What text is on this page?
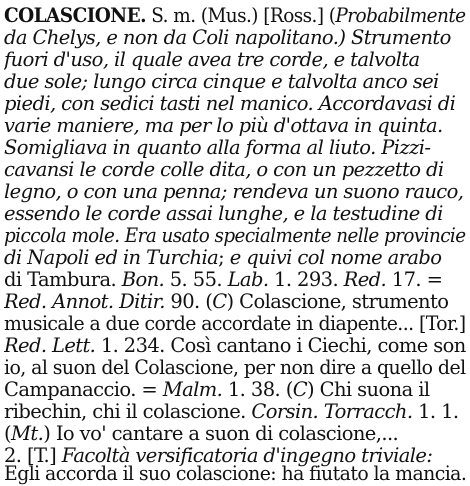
COLASCIONE. S. m. (Mus.) [Ross.] (Probabilmente
da Chelys, e non da Coli napolitano.) Strumento
fuori d'uso, il quale avea tre corde, e talvolta
due sole; lungo circa cinque e talvolta anco sei
piedi, con sedici tasti nel manico. Accordavasi di
varie maniere, ma per lo più d'ottava in quinta.
Somigliava in quanto alla forma al liuto. Pizzi-
cavansi le corde colle dita, o con un pezzetto di
legno, o con una penna; rendeva un suono rauco,
essendo le corde assai lunghe, e la testudine di
piccola mole. Era usato specialmente nelle provincie
di Napoli ed in Turchia; e quivi col nome arabo
di Tambura. Bon. 5. 55. Lab. 1. 293. Red. 17. =
Red. Annot. Ditir. 90. (C) Colascione, strumento
musicale a due corde accordate in diapente... [Tor.]
Red. Lett. 1. 234. Così cantano i Ciechi, come son
io, al suon del Colascione, per non dire a quello del
Campanaccio. = Malm. 1. 38. (C) Chi suona il
ribechin, chi il colascione. Corsin. Torracch. 1. 1.
(Mt.) Io vo' cantare a suon di colascione,...
2. [T.] Facoltà versificatoria d'ingegno triviale:
Egli accorda il suo colascione: ha fiutato la mancia.
